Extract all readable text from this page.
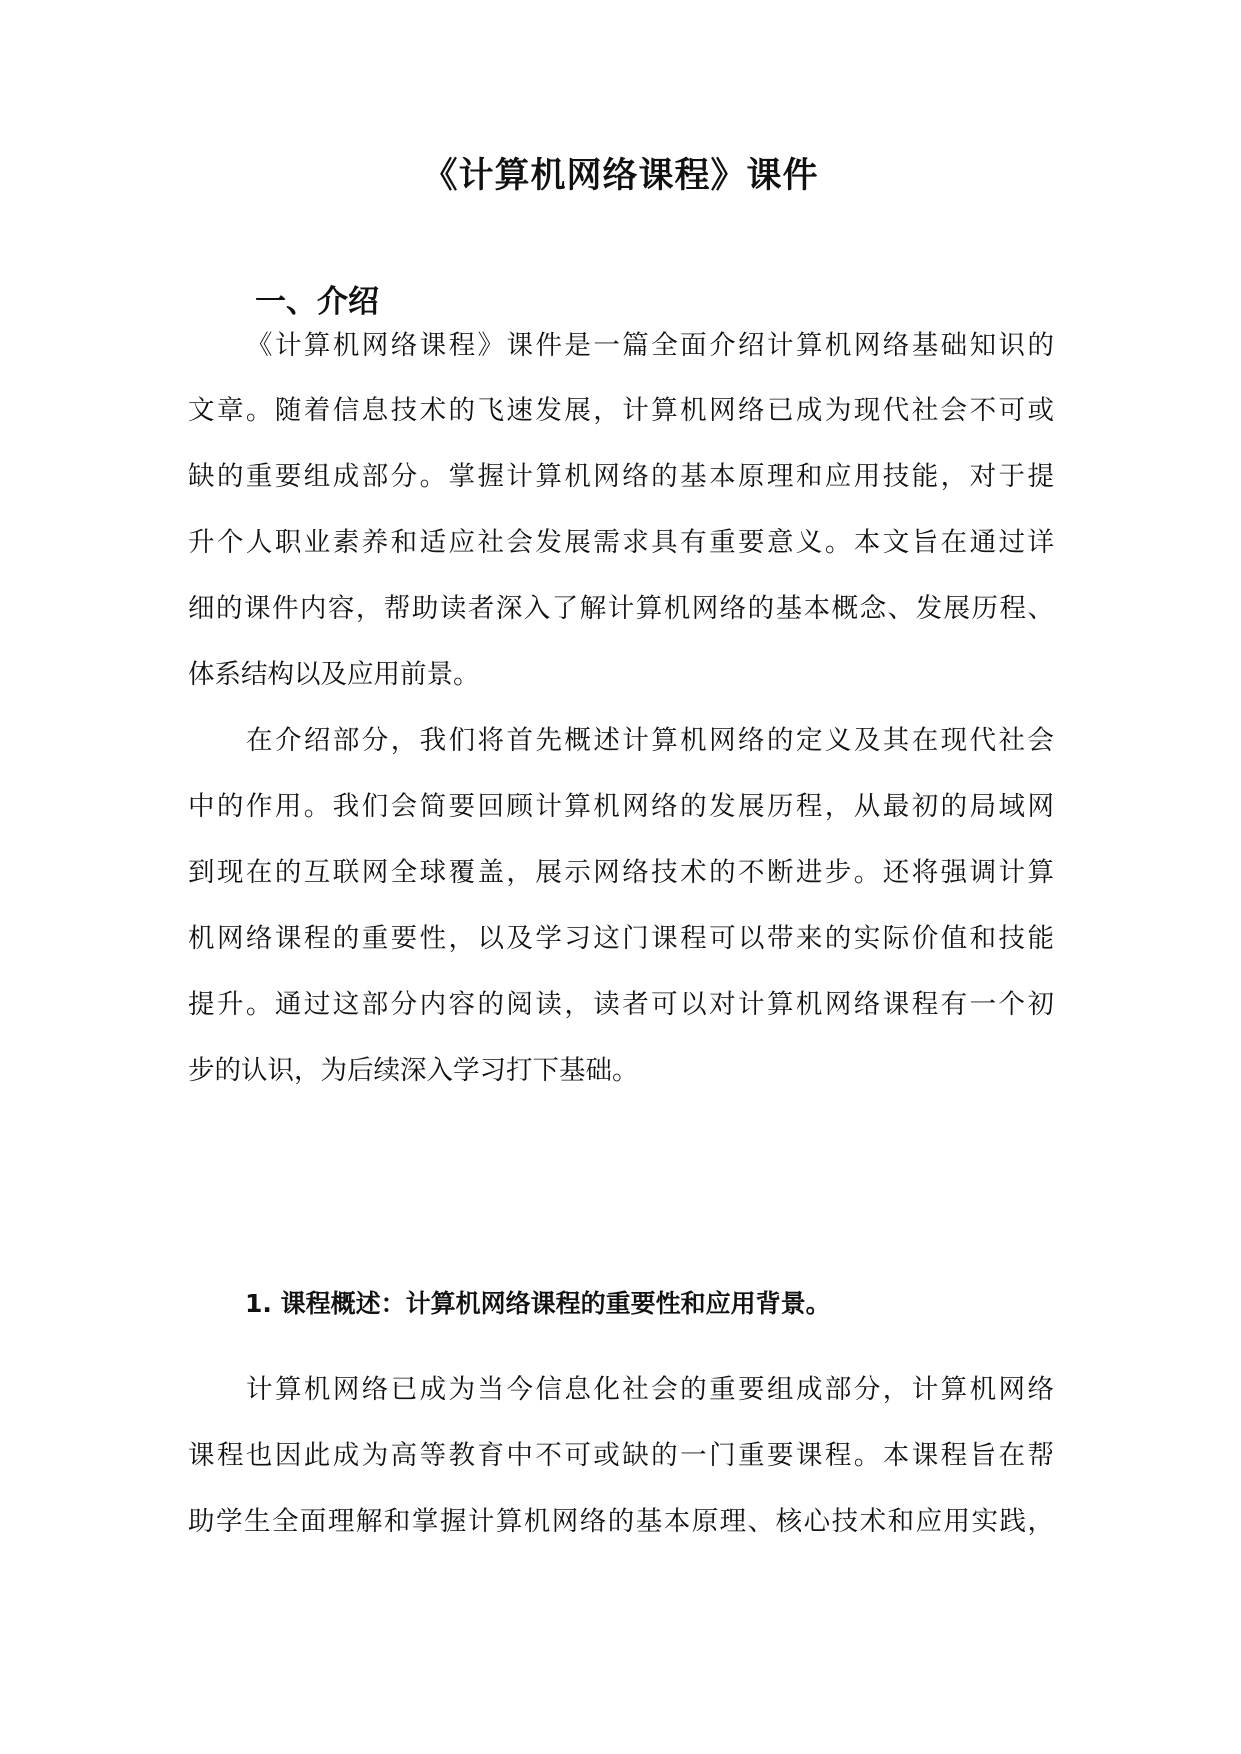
《计算机网络课程》课件
一、介绍

《计算机网络课程》课件是一篇全面介绍计算机网络基础知识的

文章。随着信息技术的飞速发展，计算机网络已成为现代社会不可或

缺的重要组成部分。掌握计算机网络的基本原理和应用技能，对于提

升个人职业素养和适应社会发展需求具有重要意义。本文旨在通过详

细的课件内容，帮助读者深入了解计算机网络的基本概念、发展历程、

体系结构以及应用前景。

在介绍部分，我们将首先概述计算机网络的定义及其在现代社会

中的作用。我们会简要回顾计算机网络的发展历程，从最初的局域网

到现在的互联网全球覆盖，展示网络技术的不断进步。还将强调计算

机网络课程的重要性，以及学习这门课程可以带来的实际价值和技能

提升。通过这部分内容的阅读，读者可以对计算机网络课程有一个初

步的认识，为后续深入学习打下基础。

1. 课程概述：计算机网络课程的重要性和应用背景。

计算机网络已成为当今信息化社会的重要组成部分，计算机网络

课程也因此成为高等教育中不可或缺的一门重要课程。本课程旨在帮

助学生全面理解和掌握计算机网络的基本原理、核心技术和应用实践，
